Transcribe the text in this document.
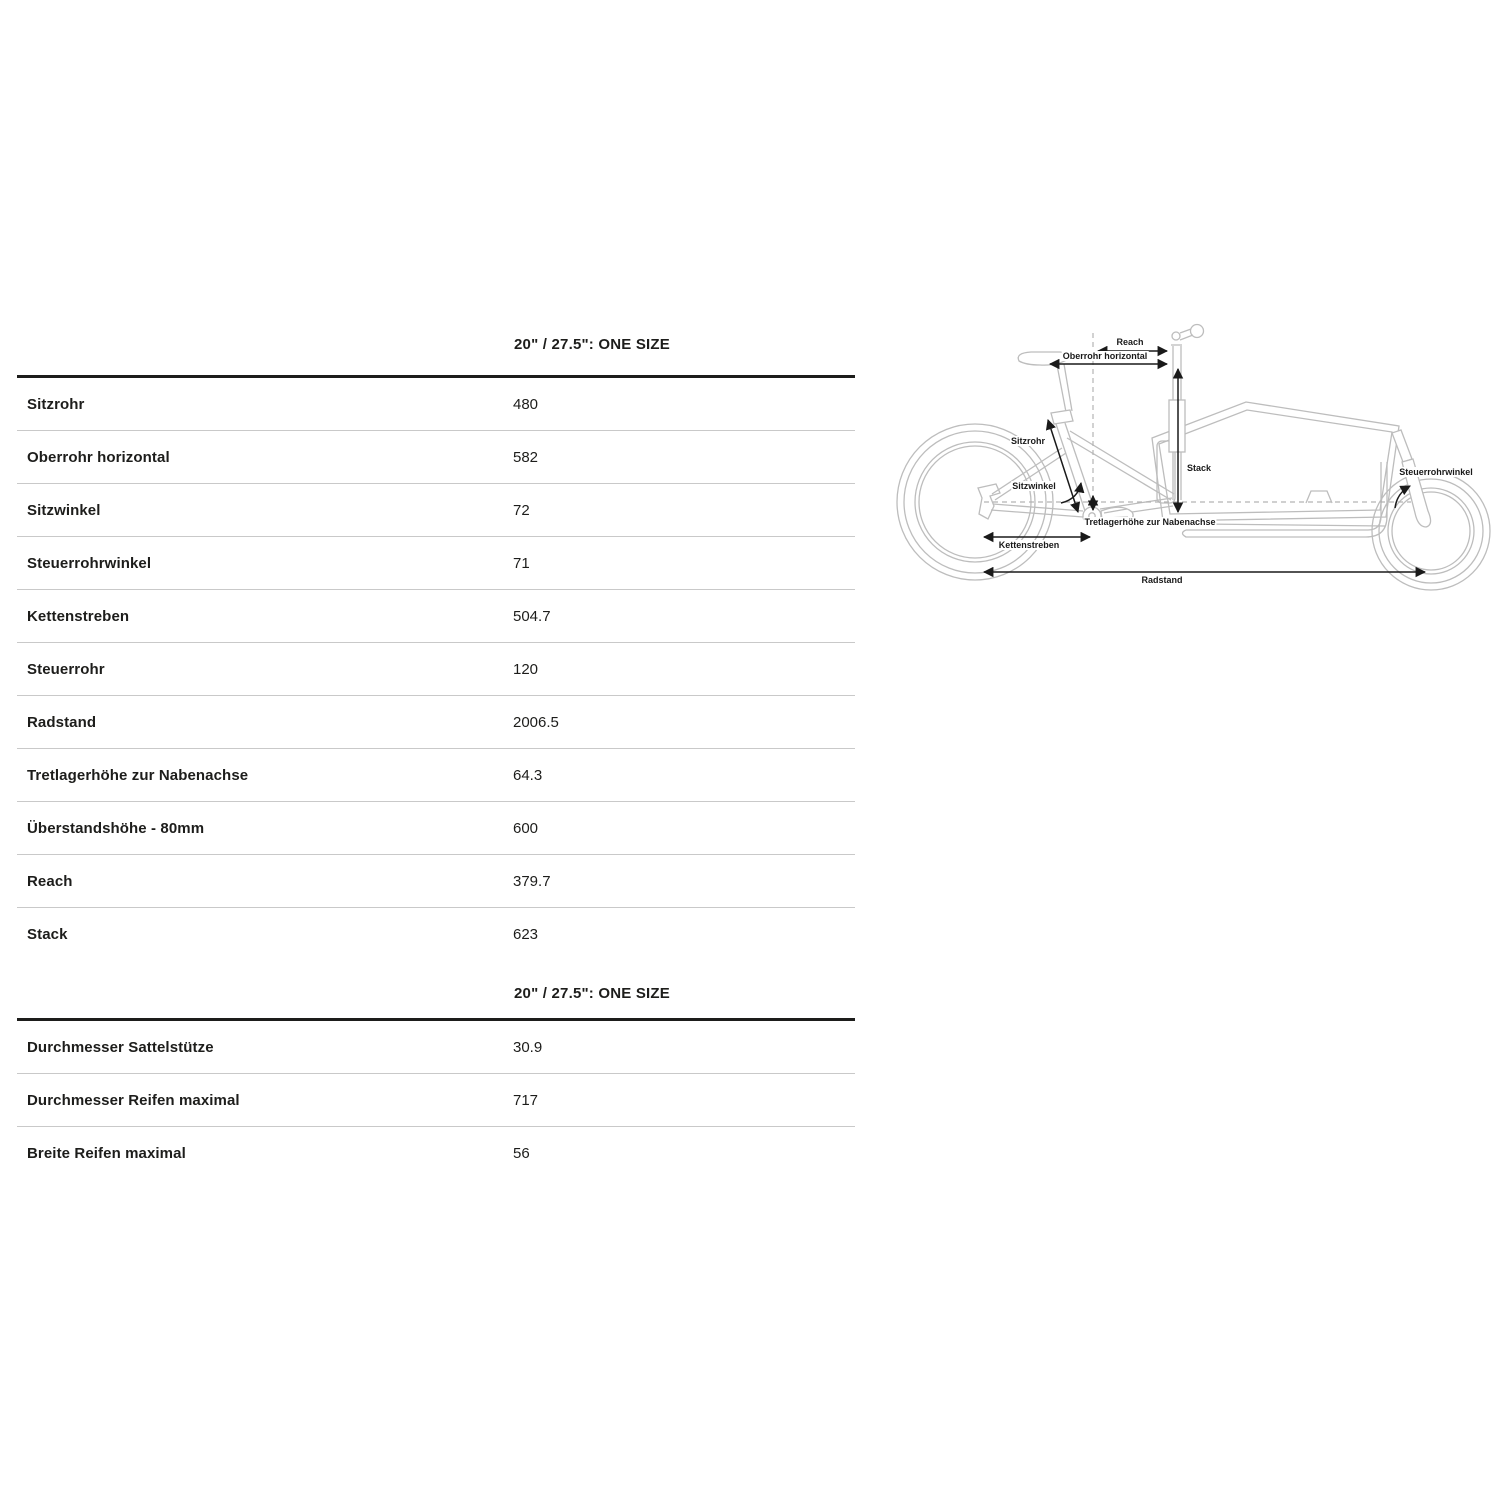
20" / 27.5": ONE SIZE
Sitzrohr	480
Oberrohr horizontal	582
Sitzwinkel	72
Steuerrohrwinkel	71
Kettenstreben	504.7
Steuerrohr	120
Radstand	2006.5
Tretlagerhöhe zur Nabenachse	64.3
Überstandshöhe - 80mm	600
Reach	379.7
Stack	623
20" / 27.5": ONE SIZE
Durchmesser Sattelstütze	30.9
Durchmesser Reifen maximal	717
Breite Reifen maximal	56
Reach
Oberrohr horizontal
Sitzrohr
Stack
Sitzwinkel
Steuerrohrwinkel
Tretlagerhöhe zur Nabenachse
Kettenstreben
Radstand
